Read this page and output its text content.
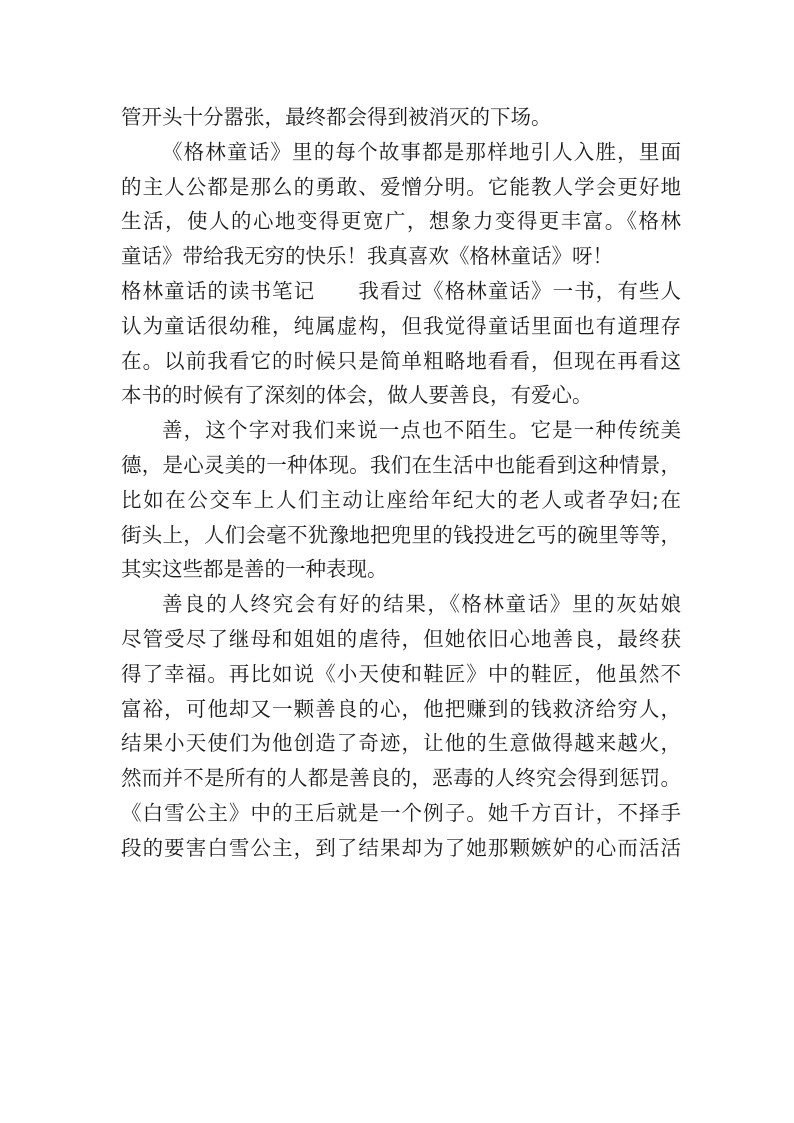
管开头十分嚣张，最终都会得到被消灭的下场。
《格林童话》里的每个故事都是那样地引人入胜，里面
的主人公都是那么的勇敢、爱憎分明。它能教人学会更好地
生活，使人的心地变得更宽广，想象力变得更丰富。《格林
童话》带给我无穷的快乐！我真喜欢《格林童话》呀！
格林童话的读书笔记　　我看过《格林童话》一书，有些人
认为童话很幼稚，纯属虚构，但我觉得童话里面也有道理存
在。以前我看它的时候只是简单粗略地看看，但现在再看这
本书的时候有了深刻的体会，做人要善良，有爱心。
善，这个字对我们来说一点也不陌生。它是一种传统美
德，是心灵美的一种体现。我们在生活中也能看到这种情景，
比如在公交车上人们主动让座给年纪大的老人或者孕妇;在
街头上，人们会毫不犹豫地把兜里的钱投进乞丐的碗里等等，
其实这些都是善的一种表现。
善良的人终究会有好的结果，《格林童话》里的灰姑娘
尽管受尽了继母和姐姐的虐待，但她依旧心地善良，最终获
得了幸福。再比如说《小天使和鞋匠》中的鞋匠，他虽然不
富裕，可他却又一颗善良的心，他把赚到的钱救济给穷人，
结果小天使们为他创造了奇迹，让他的生意做得越来越火，
然而并不是所有的人都是善良的，恶毒的人终究会得到惩罚。
《白雪公主》中的王后就是一个例子。她千方百计，不择手
段的要害白雪公主，到了结果却为了她那颗嫉妒的心而活活
